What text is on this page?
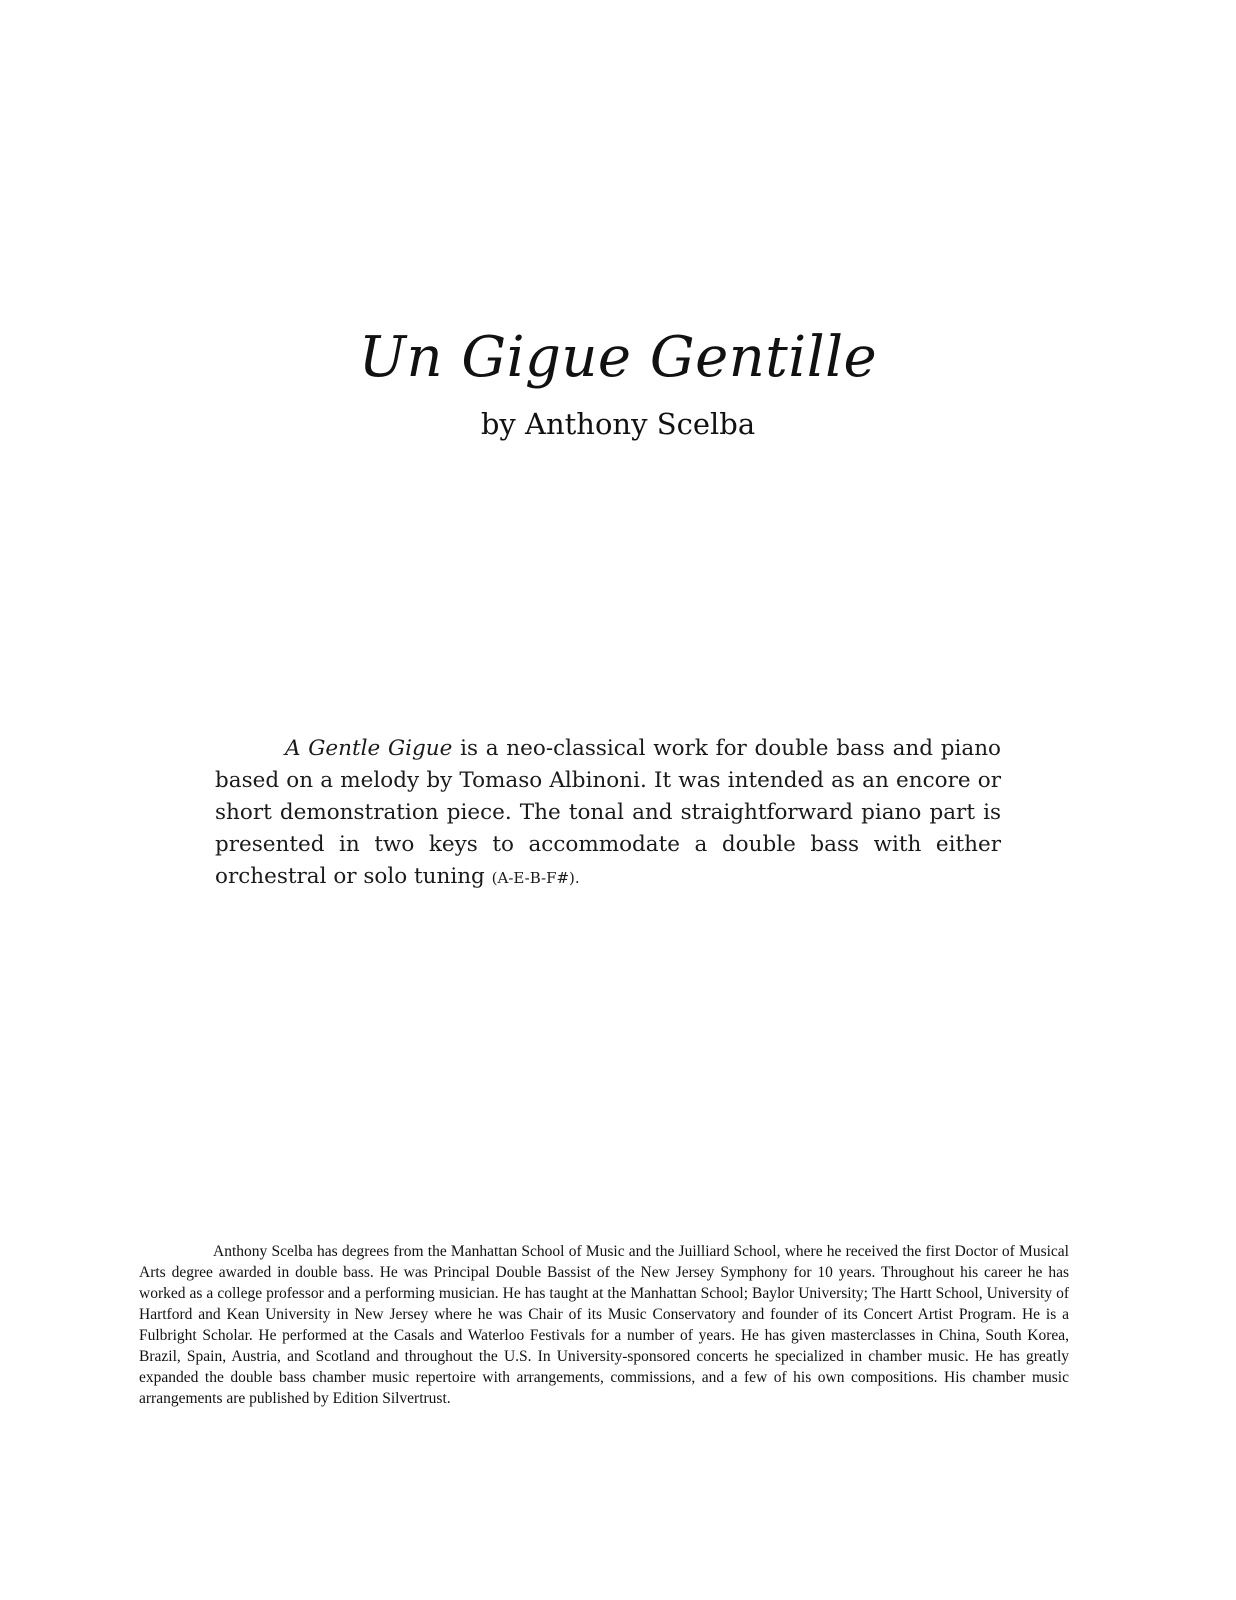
Un Gigue Gentille

by Anthony Scelba

A Gentle Gigue is a neo-classical work for double bass and piano based on a melody by Tomaso Albinoni. It was intended as an encore or short demonstration piece. The tonal and straightforward piano part is presented in two keys to accommodate a double bass with either orchestral or solo tuning (A-E-B-F#).

Anthony Scelba has degrees from the Manhattan School of Music and the Juilliard School, where he received the first Doctor of Musical Arts degree awarded in double bass. He was Principal Double Bassist of the New Jersey Symphony for 10 years. Throughout his career he has worked as a college professor and a performing musician. He has taught at the Manhattan School; Baylor University; The Hartt School, University of Hartford and Kean University in New Jersey where he was Chair of its Music Conservatory and founder of its Concert Artist Program. He is a Fulbright Scholar. He performed at the Casals and Waterloo Festivals for a number of years. He has given masterclasses in China, South Korea, Brazil, Spain, Austria, and Scotland and throughout the U.S. In University-sponsored concerts he specialized in chamber music. He has greatly expanded the double bass chamber music repertoire with arrangements, commissions, and a few of his own compositions. His chamber music arrangements are published by Edition Silvertrust.
